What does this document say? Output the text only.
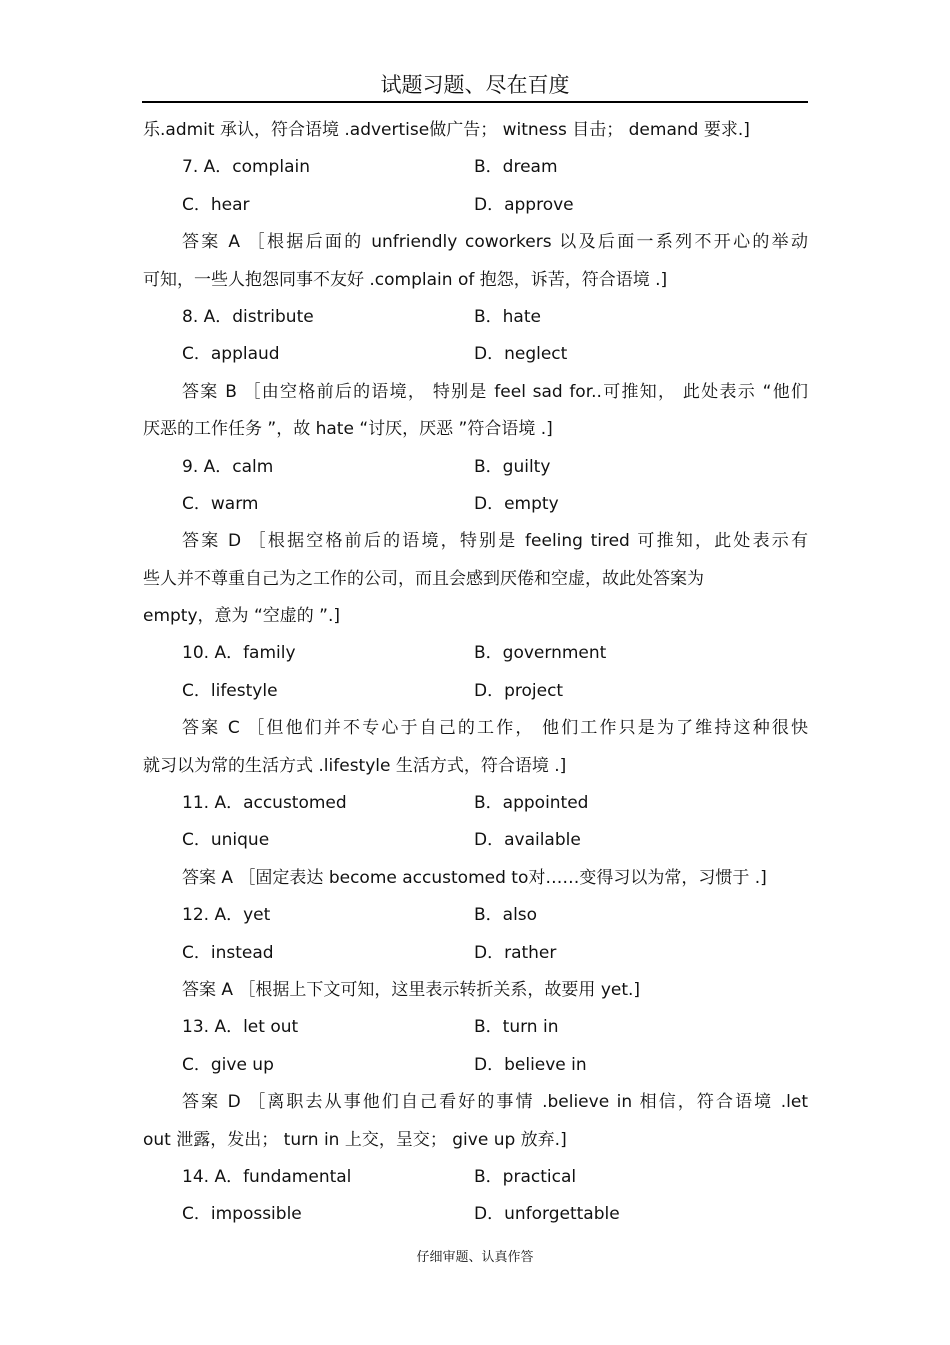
试题习题、尽在百度
乐.admit 承认，符合语境 .advertise做广告； witness 目击； demand 要求.]
7. A．complain	B．dream
C．hear	D．approve
答案 A ［根据后面的 unfriendly coworkers 以及后面一系列不开心的举动
可知，一些人抱怨同事不友好 .complain of 抱怨，诉苦，符合语境 .]
8. A．distribute	B．hate
C．applaud	D．neglect
答案 B ［由空格前后的语境， 特别是 feel sad for..可推知， 此处表示 “他们
厌恶的工作任务 ”，故 hate “讨厌，厌恶 ”符合语境 .]
9. A．calm	B．guilty
C．warm	D．empty
答案 D ［根据空格前后的语境，特别是 feeling tired 可推知，此处表示有
些人并不尊重自己为之工作的公司，而且会感到厌倦和空虚，故此处答案为
empty，意为 “空虚的 ”.]
10. A．family	B．government
C．lifestyle	D．project
答案 C ［但他们并不专心于自己的工作， 他们工作只是为了维持这种很快
就习以为常的生活方式 .lifestyle 生活方式，符合语境 .]
11. A．accustomed	B．appointed
C．unique	D．available
答案 A ［固定表达 become accustomed to对……变得习以为常，习惯于 .]
12. A．yet	B．also
C．instead	D．rather
答案 A ［根据上下文可知，这里表示转折关系，故要用 yet.]
13. A．let out	B．turn in
C．give up	D．believe in
答案 D ［离职去从事他们自己看好的事情 .believe in 相信，符合语境 .let
out 泄露，发出； turn in 上交，呈交； give up 放弃.]
14. A．fundamental	B．practical
C．impossible	D．unforgettable
仔细审题、认真作答
